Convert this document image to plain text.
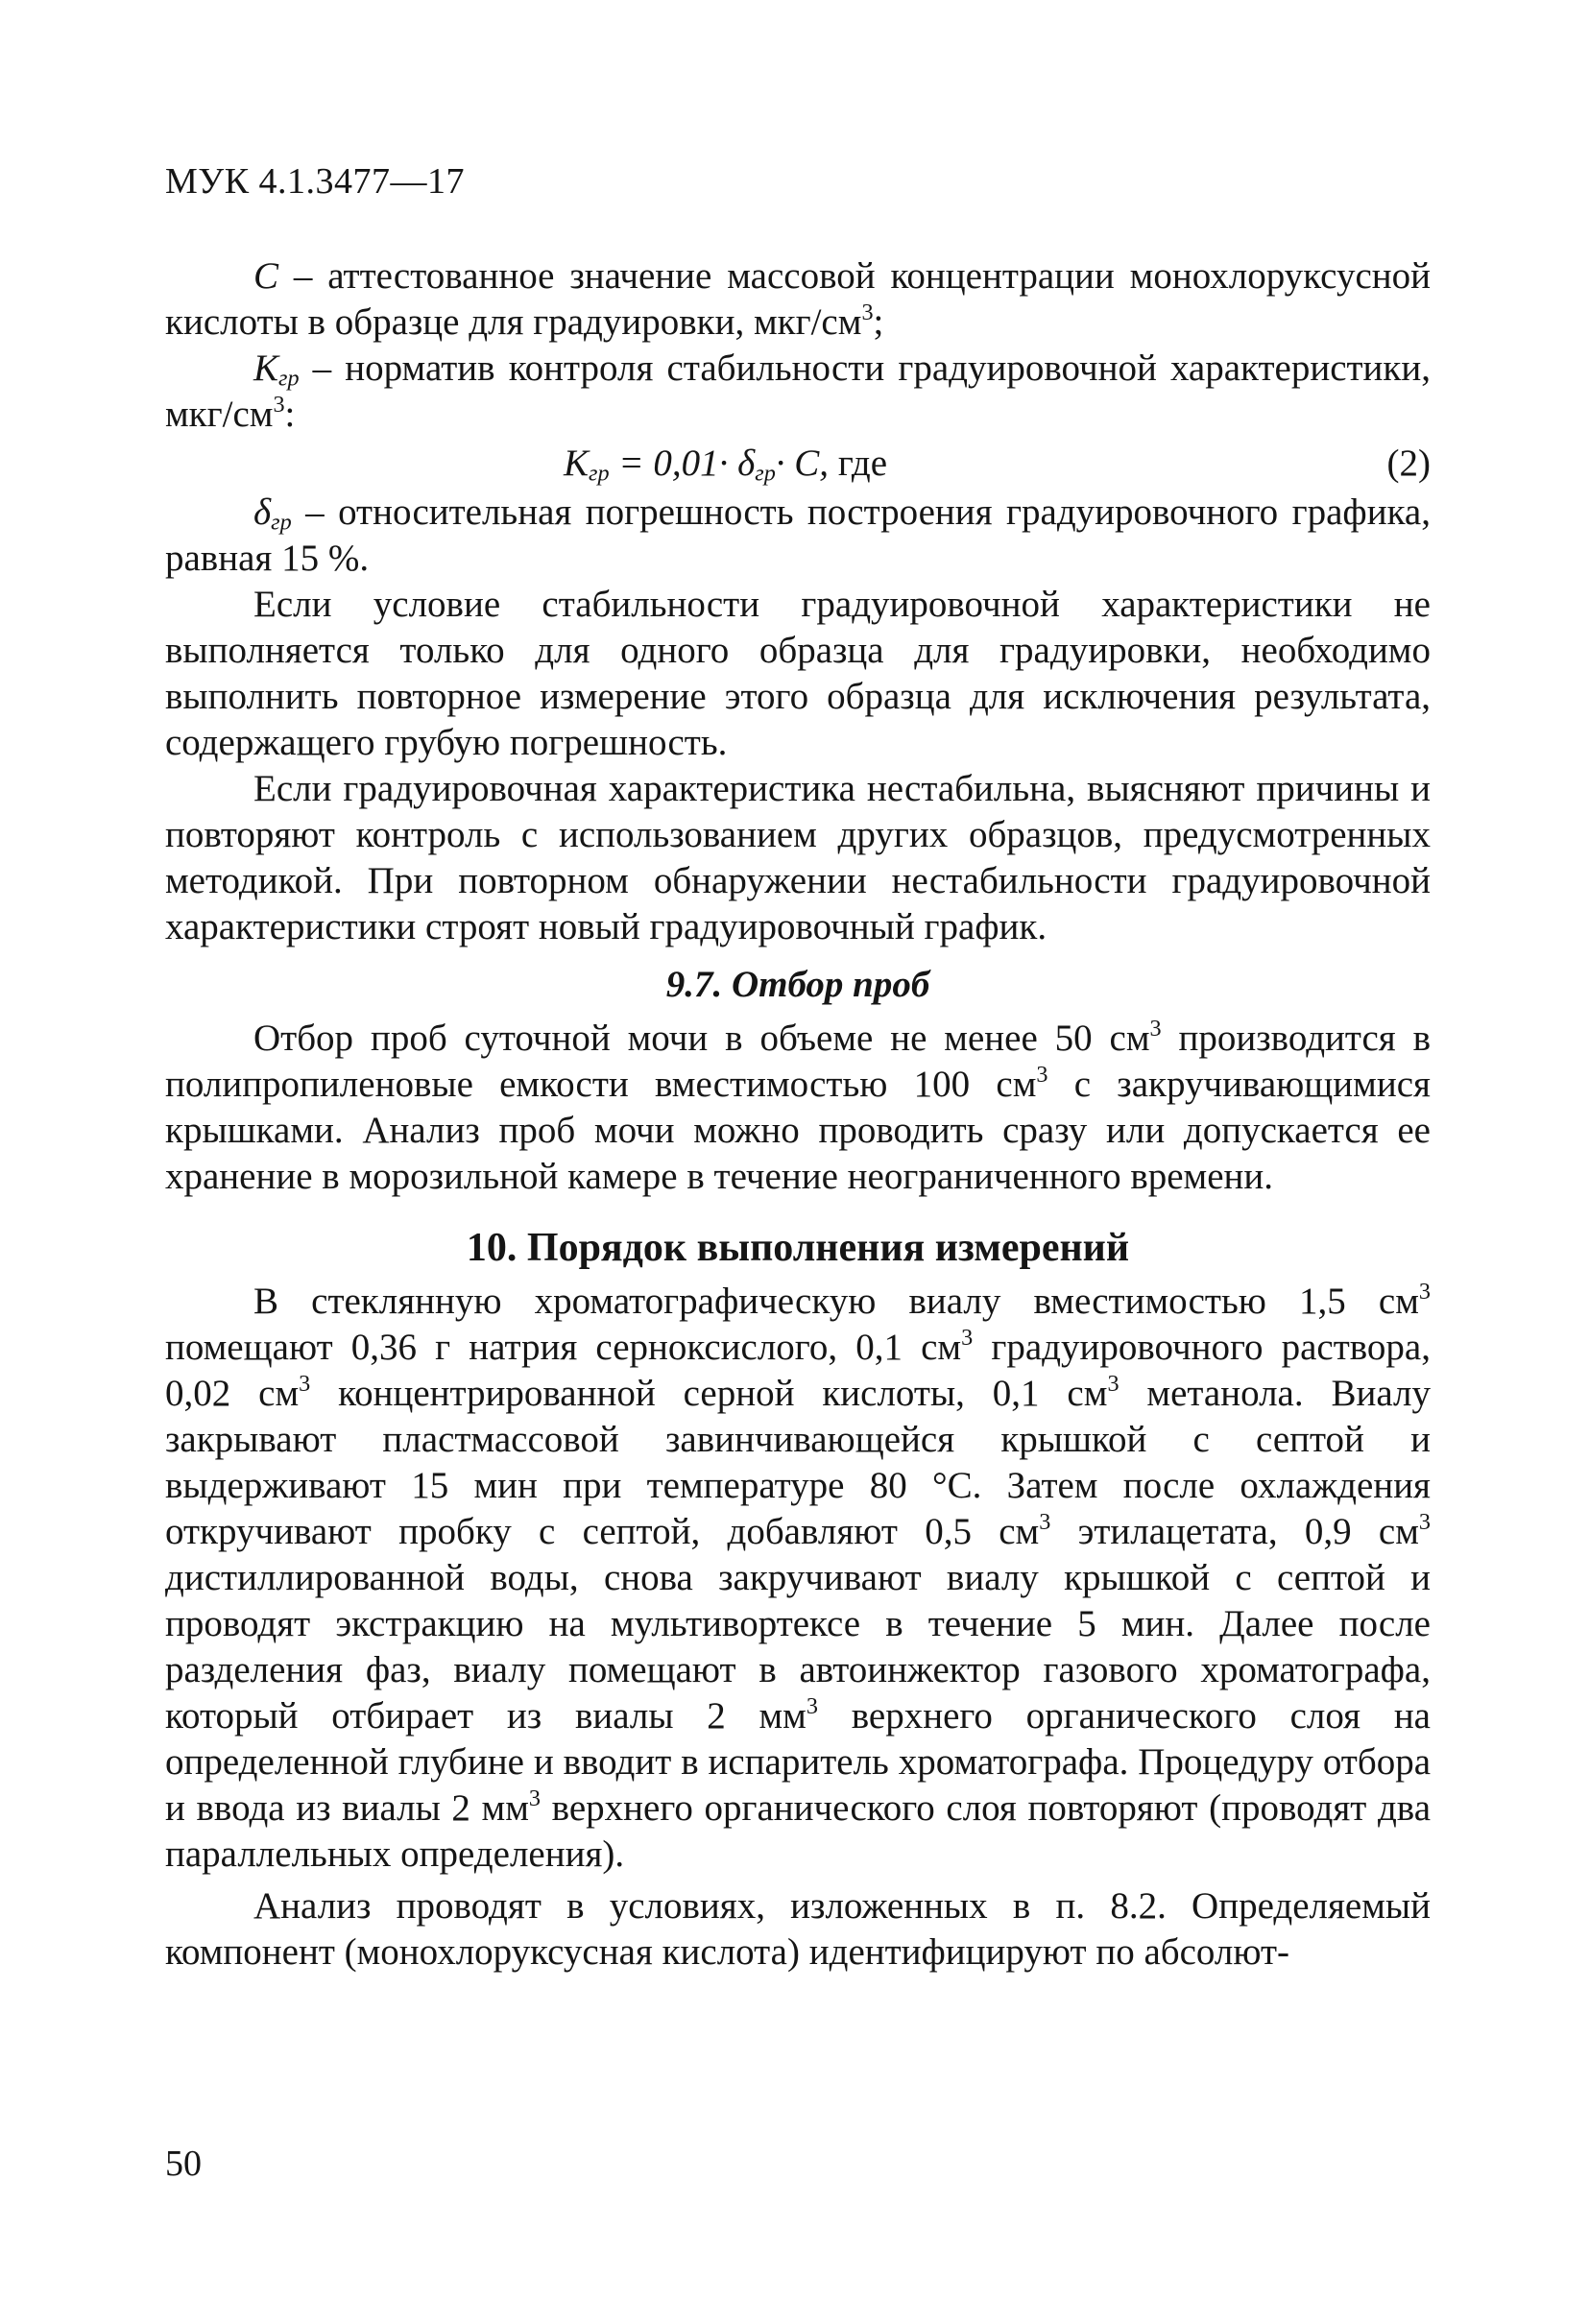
МУК 4.1.3477—17

C – аттестованное значение массовой концентрации монохлоруксусной кислоты в образце для градуировки, мкг/$см^3$;

$K_{гр}$ – норматив контроля стабильности градуировочной характеристики, мкг/$см^3$:

$K_{гр} = 0,01\cdot \delta_{гр}\cdot C$, где	(2)

$\delta_{гр}$ – относительная погрешность построения градуировочного графика, равная 15 %.

Если условие стабильности градуировочной характеристики не выполняется только для одного образца для градуировки, необходимо выполнить повторное измерение этого образца для исключения результата, содержащего грубую погрешность.

Если градуировочная характеристика нестабильна, выясняют причины и повторяют контроль с использованием других образцов, предусмотренных методикой. При повторном обнаружении нестабильности градуировочной характеристики строят новый градуировочный график.

9.7. Отбор проб

Отбор проб суточной мочи в объеме не менее 50 $см^3$ производится в полипропиленовые емкости вместимостью 100 $см^3$ с закручивающимися крышками. Анализ проб мочи можно проводить сразу или допускается ее хранение в морозильной камере в течение неограниченного времени.

10. Порядок выполнения измерений

В стеклянную хроматографическую виалу вместимостью 1,5 $см^3$ помещают 0,36 г натрия серноксислого, 0,1 $см^3$ градуировочного раствора, 0,02 $см^3$ концентрированной серной кислоты, 0,1 $см^3$ метанола. Виалу закрывают пластмассовой завинчивающейся крышкой с септой и выдерживают 15 мин при температуре 80 °С. Затем после охлаждения откручивают пробку с септой, добавляют 0,5 $см^3$ этилацетата, 0,9 $см^3$ дистиллированной воды, снова закручивают виалу крышкой с септой и проводят экстракцию на мультивортексе в течение 5 мин. Далее после разделения фаз, виалу помещают в автоинжектор газового хроматографа, который отбирает из виалы 2 $мм^3$ верхнего органического слоя на определенной глубине и вводит в испаритель хроматографа. Процедуру отбора и ввода из виалы 2 $мм^3$ верхнего органического слоя повторяют (проводят два параллельных определения).

Анализ проводят в условиях, изложенных в п. 8.2. Определяемый компонент (монохлоруксусная кислота) идентифицируют по абсолют-

50
